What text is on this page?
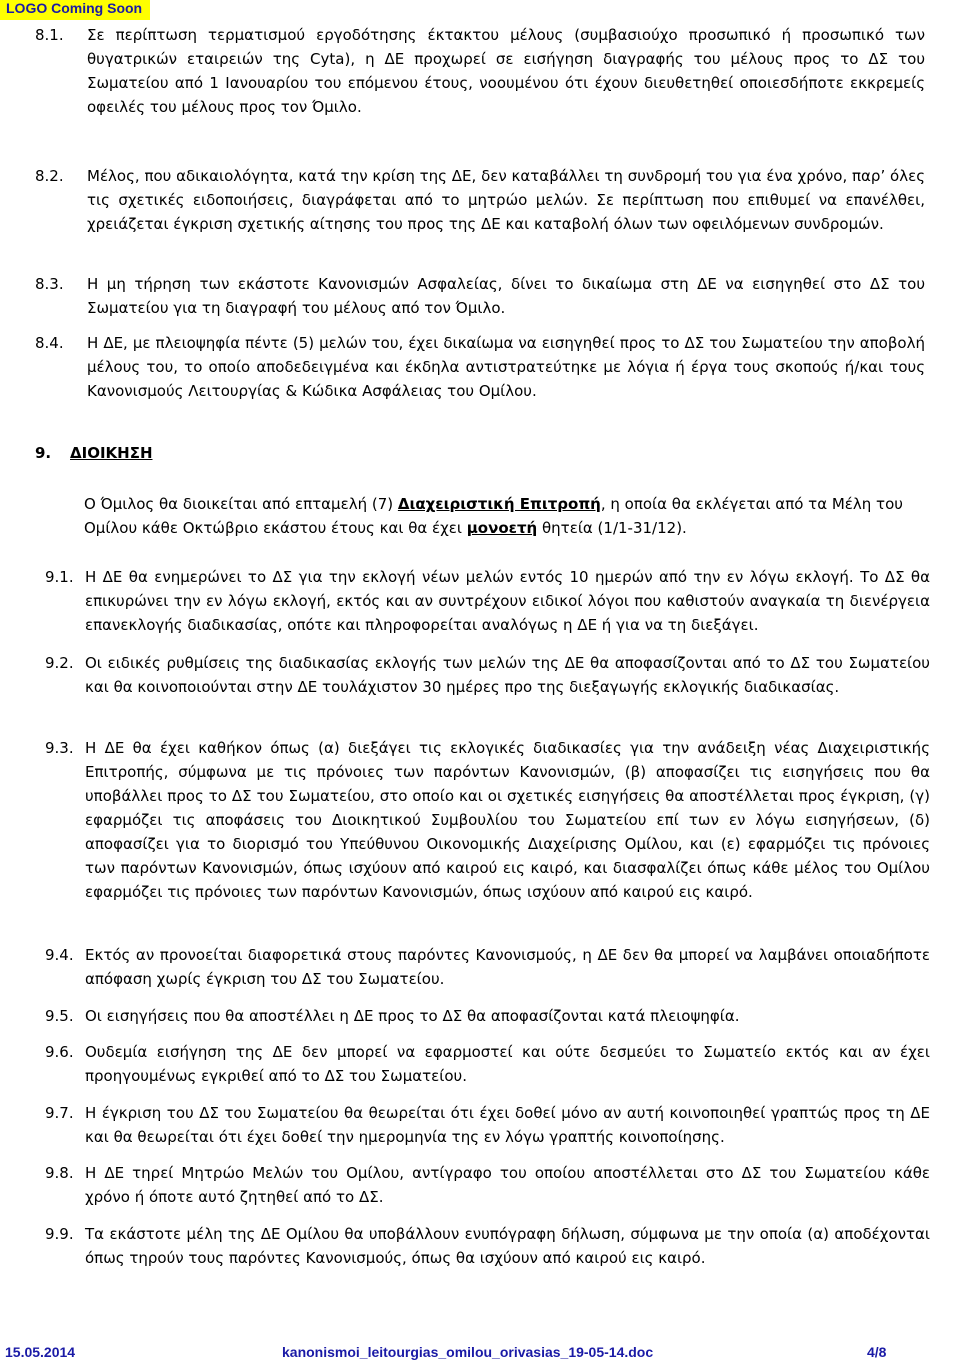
LOGO Coming Soon
8.1.	Σε περίπτωση τερματισμού εργοδότησης έκτακτου μέλους (συμβασιούχο προσωπικό ή προσωπικό των θυγατρικών εταιρειών της Cyta), η ΔΕ προχωρεί σε εισήγηση διαγραφής του μέλους προς το ΔΣ του Σωματείου από 1 Ιανουαρίου του επόμενου έτους, νοουμένου ότι έχουν διευθετηθεί οποιεσδήποτε εκκρεμείς οφειλές του μέλους προς τον Όμιλο.
8.2.	Μέλος, που αδικαιολόγητα, κατά την κρίση της ΔΕ, δεν καταβάλλει τη συνδρομή του για ένα χρόνο, παρ’ όλες τις σχετικές ειδοποιήσεις, διαγράφεται από το μητρώο μελών. Σε περίπτωση που επιθυμεί να επανέλθει, χρειάζεται έγκριση σχετικής αίτησης του προς της ΔΕ και καταβολή όλων των οφειλόμενων συνδρομών.
8.3.	Η μη τήρηση των εκάστοτε Κανονισμών Ασφαλείας, δίνει το δικαίωμα στη ΔΕ να εισηγηθεί στο ΔΣ του Σωματείου για τη διαγραφή του μέλους από τον Όμιλο.
8.4.	Η ΔΕ, με πλειοψηφία πέντε (5) μελών του, έχει δικαίωμα να εισηγηθεί προς το ΔΣ του Σωματείου την αποβολή μέλους του, το οποίο αποδεδειγμένα και έκδηλα αντιστρατεύτηκε με λόγια ή έργα τους σκοπούς ή/και τους Κανονισμούς Λειτουργίας & Κώδικα Ασφάλειας του Ομίλου.
9. ΔΙΟΙΚΗΣΗ
Ο Όμιλος θα διοικείται από επταμελή (7) Διαχειριστική Επιτροπή, η οποία θα εκλέγεται από τα Μέλη του Ομίλου κάθε Οκτώβριο εκάστου έτους και θα έχει μονοετή θητεία (1/1-31/12).
9.1. Η ΔΕ θα ενημερώνει το ΔΣ για την εκλογή νέων μελών εντός 10 ημερών από την εν λόγω εκλογή. Το ΔΣ θα επικυρώνει την εν λόγω εκλογή, εκτός και αν συντρέχουν ειδικοί λόγοι που καθιστούν αναγκαία τη διενέργεια επανεκλογής διαδικασίας, οπότε και πληροφορείται αναλόγως η ΔΕ ή για να τη διεξάγει.
9.2. Οι ειδικές ρυθμίσεις της διαδικασίας εκλογής των μελών της ΔΕ θα αποφασίζονται από το ΔΣ του Σωματείου και θα κοινοποιούνται στην ΔΕ τουλάχιστον 30 ημέρες προ της διεξαγωγής εκλογικής διαδικασίας.
9.3. Η ΔΕ θα έχει καθήκον όπως (α) διεξάγει τις εκλογικές διαδικασίες για την ανάδειξη νέας Διαχειριστικής Επιτροπής, σύμφωνα με τις πρόνοιες των παρόντων Κανονισμών, (β) αποφασίζει τις εισηγήσεις που θα υποβάλλει προς το ΔΣ του Σωματείου, στο οποίο και οι σχετικές εισηγήσεις θα αποστέλλεται προς έγκριση, (γ) εφαρμόζει τις αποφάσεις του Διοικητικού Συμβουλίου του Σωματείου επί των εν λόγω εισηγήσεων, (δ) αποφασίζει για το διορισμό του Υπεύθυνου Οικονομικής Διαχείρισης Ομίλου, και (ε) εφαρμόζει τις πρόνοιες των παρόντων Κανονισμών, όπως ισχύουν από καιρού εις καιρό, και διασφαλίζει όπως κάθε μέλος του Ομίλου εφαρμόζει τις πρόνοιες των παρόντων Κανονισμών, όπως ισχύουν από καιρού εις καιρό.
9.4. Εκτός αν προνοείται διαφορετικά στους παρόντες Κανονισμούς, η ΔΕ δεν θα μπορεί να λαμβάνει οποιαδήποτε απόφαση χωρίς έγκριση του ΔΣ του Σωματείου.
9.5. Οι εισηγήσεις που θα αποστέλλει η ΔΕ προς το ΔΣ θα αποφασίζονται κατά πλειοψηφία.
9.6. Ουδεμία εισήγηση της ΔΕ δεν μπορεί να εφαρμοστεί και ούτε δεσμεύει το Σωματείο εκτός και αν έχει προηγουμένως εγκριθεί από το ΔΣ του Σωματείου.
9.7. Η έγκριση του ΔΣ του Σωματείου θα θεωρείται ότι έχει δοθεί μόνο αν αυτή κοινοποιηθεί γραπτώς προς τη ΔΕ και θα θεωρείται ότι έχει δοθεί την ημερομηνία της εν λόγω γραπτής κοινοποίησης.
9.8. Η ΔΕ τηρεί Μητρώο Μελών του Ομίλου, αντίγραφο του οποίου αποστέλλεται στο ΔΣ του Σωματείου κάθε χρόνο ή όποτε αυτό ζητηθεί από το ΔΣ.
9.9. Τα εκάστοτε μέλη της ΔΕ Ομίλου θα υποβάλλουν ενυπόγραφη δήλωση, σύμφωνα με την οποία (α) αποδέχονται όπως τηρούν τους παρόντες Κανονισμούς, όπως θα ισχύουν από καιρού εις καιρό.
15.05.2014	kanonismoi_leitourgias_omilou_orivasias_19-05-14.doc	4/8
